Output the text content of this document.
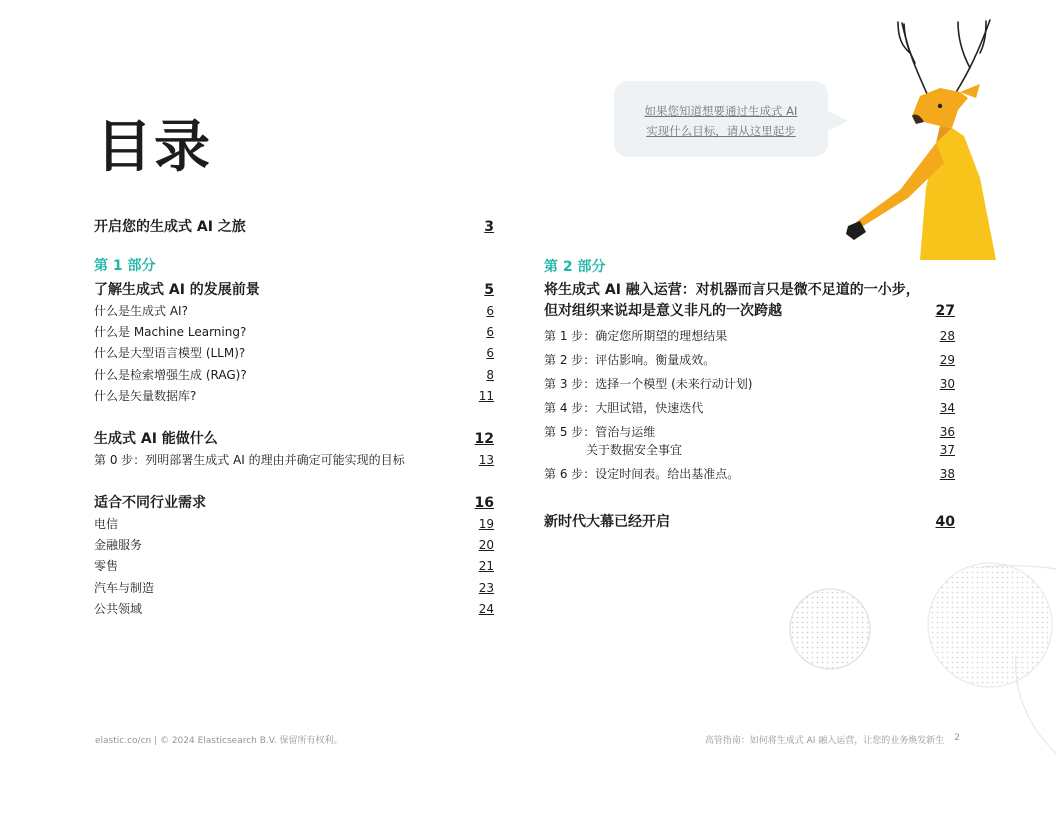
目录
如果您知道想要通过生成式 AI
实现什么目标，请从这里起步
开启您的生成式 AI 之旅	3
第 1 部分
了解生成式 AI 的发展前景	5
什么是生成式 AI?	6
什么是 Machine Learning?	6
什么是大型语言模型 (LLM)?	6
什么是检索增强生成 (RAG)?	8
什么是矢量数据库?	11
生成式 AI 能做什么	12
第 0 步：列明部署生成式 AI 的理由并确定可能实现的目标	13
适合不同行业需求	16
电信	19
金融服务	20
零售	21
汽车与制造	23
公共领域	24
第 2 部分
将生成式 AI 融入运营：对机器而言只是微不足道的一小步，
但对组织来说却是意义非凡的一次跨越	27
第 1 步：确定您所期望的理想结果	28
第 2 步：评估影响。衡量成效。	29
第 3 步：选择一个模型 (未来行动计划)	30
第 4 步：大胆试错，快速迭代	34
第 5 步：管治与运维	36
关于数据安全事宜	37
第 6 步：设定时间表。给出基准点。	38
新时代大幕已经开启	40
elastic.co/cn | © 2024 Elasticsearch B.V. 保留所有权利。	高管指南：如何将生成式 AI 融入运营，让您的业务焕发新生 2
